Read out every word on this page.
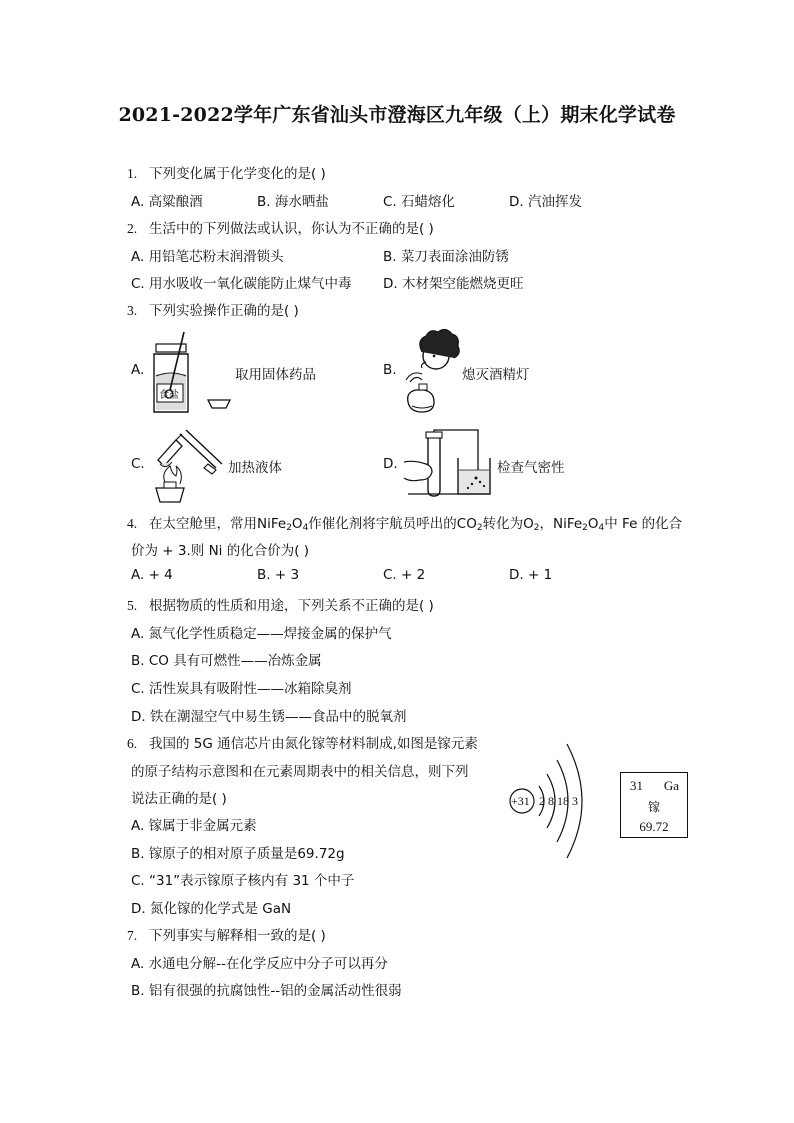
2021-2022学年广东省汕头市澄海区九年级（上）期末化学试卷
1. 下列变化属于化学变化的是( )
A. 高粱酿酒	B. 海水晒盐	C. 石蜡熔化	D. 汽油挥发
2. 生活中的下列做法或认识，你认为不正确的是( )
A. 用铅笔芯粉末润滑锁头	B. 菜刀表面涂油防锈
C. 用水吸收一氧化碳能防止煤气中毒 D. 木材架空能燃烧更旺
3. 下列实验操作正确的是( )
A.
食盐
取用固体药品	B.	熄灭酒精灯
C.	加热液体	D.	检查气密性
4. 在太空舱里，常用$NiFe_2O_4$作催化剂将宇航员呼出的$CO_2$转化为$O_2$，$NiFe_2O_4$中 Fe 的化合
价为 + 3.则 Ni 的化合价为( )
A. + 4	B. + 3	C. + 2	D. + 1
5. 根据物质的性质和用途，下列关系不正确的是( )
A. 氮气化学性质稳定——焊接金属的保护气
B. CO 具有可燃性——冶炼金属
C. 活性炭具有吸附性——冰箱除臭剂
D. 铁在潮湿空气中易生锈——食品中的脱氧剂
6. 我国的 5G 通信芯片由氮化镓等材料制成,如图是镓元素
的原子结构示意图和在元素周期表中的相关信息，则下列
说法正确的是( )
A. 镓属于非金属元素
B. 镓原子的相对原子质量是69.72g
C. “31”表示镓原子核内有 31 个中子
D. 氮化镓的化学式是 GaN
+31 2 8 18 3
31 Ga
镓
69.72
7. 下列事实与解释相一致的是( )
A. 水通电分解--在化学反应中分子可以再分
B. 铝有很强的抗腐蚀性--铝的金属活动性很弱
